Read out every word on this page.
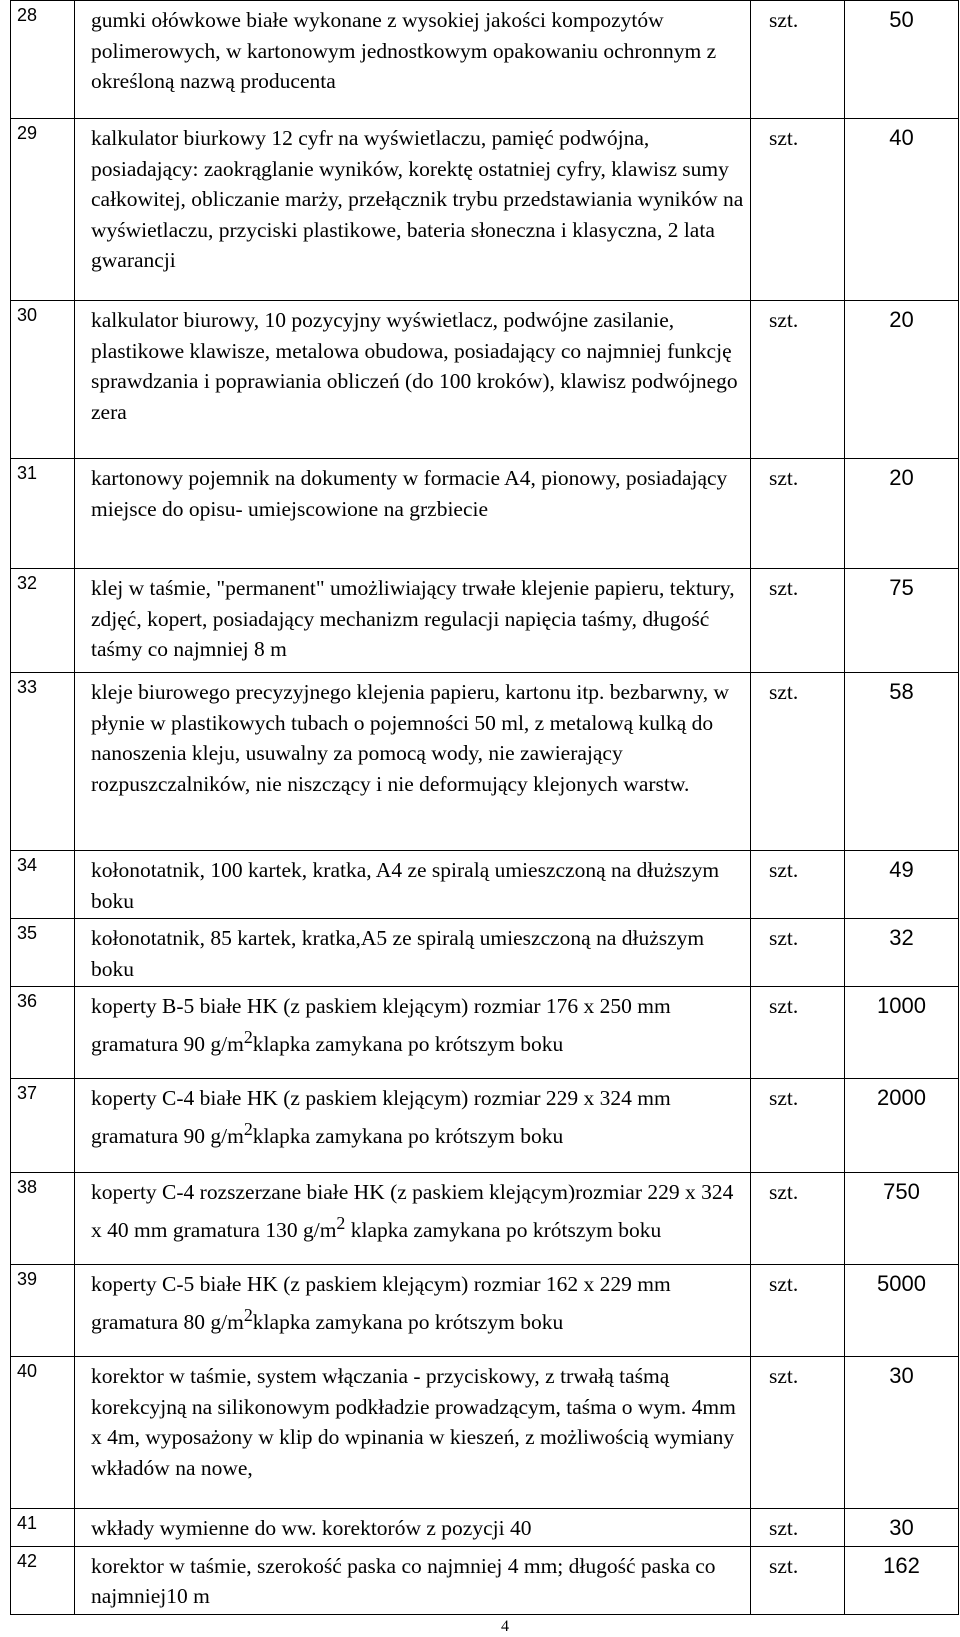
28	gumki ołówkowe białe wykonane z wysokiej jakości kompozytów polimerowych, w kartonowym jednostkowym opakowaniu ochronnym z określoną nazwą producenta	szt.	50
29	kalkulator biurkowy 12 cyfr na wyświetlaczu, pamięć podwójna, posiadający: zaokrąglanie wyników, korektę ostatniej cyfry, klawisz sumy całkowitej, obliczanie marży, przełącznik trybu przedstawiania wyników na wyświetlaczu, przyciski plastikowe, bateria słoneczna i klasyczna, 2 lata gwarancji	szt.	40
30	kalkulator biurowy, 10 pozycyjny wyświetlacz, podwójne zasilanie, plastikowe klawisze, metalowa obudowa, posiadający co najmniej funkcję sprawdzania i poprawiania obliczeń (do 100 kroków), klawisz podwójnego zera	szt.	20
31	kartonowy pojemnik na dokumenty w formacie A4, pionowy, posiadający miejsce do opisu- umiejscowione na grzbiecie	szt.	20
32	klej w taśmie, "permanent" umożliwiający trwałe klejenie papieru, tektury, zdjęć, kopert, posiadający mechanizm regulacji napięcia taśmy, długość taśmy co najmniej 8 m	szt.	75
33	kleje biurowego precyzyjnego klejenia papieru, kartonu itp. bezbarwny, w płynie w plastikowych tubach o pojemności 50 ml, z metalową kulką do nanoszenia kleju, usuwalny za pomocą wody, nie zawierający rozpuszczalników, nie niszczący i nie deformujący klejonych warstw.	szt.	58
34	kołonotatnik, 100 kartek, kratka, A4 ze spiralą umieszczoną na dłuższym boku	szt.	49
35	kołonotatnik, 85 kartek, kratka,A5 ze spiralą umieszczoną na dłuższym boku	szt.	32
36	koperty B-5 białe HK (z paskiem klejącym) rozmiar 176 x 250 mm gramatura 90 $g/m^2klapka$ zamykana po krótszym boku	szt.	1000
37	koperty C-4 białe HK (z paskiem klejącym) rozmiar 229 x 324 mm gramatura 90 $g/m^2klapka$ zamykana po krótszym boku	szt.	2000
38	koperty C-4 rozszerzane białe HK (z paskiem klejącym)rozmiar 229 x 324 x 40 mm gramatura 130 $g/m^2$ klapka zamykana po krótszym boku	szt.	750
39	koperty C-5 białe HK (z paskiem klejącym) rozmiar 162 x 229 mm gramatura 80 $g/m^2klapka$ zamykana po krótszym boku	szt.	5000
40	korektor w taśmie, system włączania - przyciskowy, z trwałą taśmą korekcyjną na silikonowym podkładzie prowadzącym, taśma o wym. 4mm x 4m, wyposażony w klip do wpinania w kieszeń, z możliwością wymiany wkładów na nowe,	szt.	30
41	wkłady wymienne do ww. korektorów z pozycji 40	szt.	30
42	korektor w taśmie, szerokość paska co najmniej 4 mm; długość paska co najmniej10 m	szt.	162
4
